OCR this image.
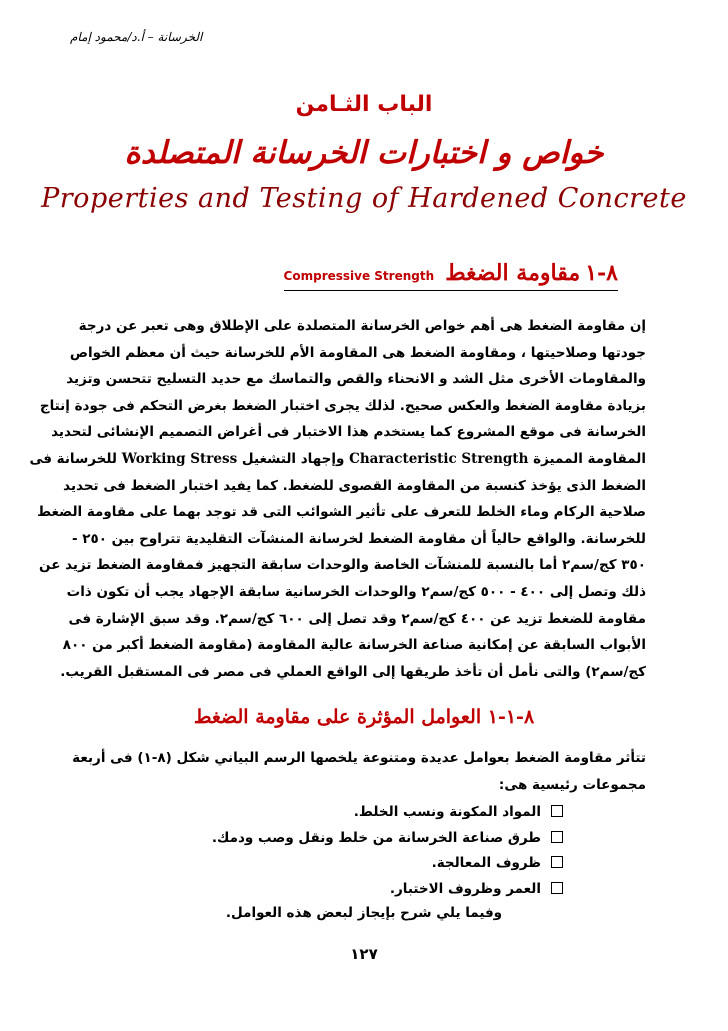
الخرسانة – أ.د/محمود إمام
الباب الثـامن
خواص و اختبارات الخرسانة المتصلدة
Properties and Testing of Hardened Concrete
٨-١ مقاومة الضغط Compressive Strength
إن مقاومة الضغط هى أهم خواص الخرسانة المتصلدة على الإطلاق وهى تعبر عن درجة
جودتها وصلاحيتها ، ومقاومة الضغط هى المقاومة الأم للخرسانة حيث أن معظم الخواص
والمقاومات الأخرى مثل الشد و الانحناء والقص والتماسك مع حديد التسليح تتحسن وتزيد
بزيادة مقاومة الضغط والعكس صحيح. لذلك يجرى اختبار الضغط بغرض التحكم فى جودة إنتاج
الخرسانة فى موقع المشروع كما يستخدم هذا الاختبار فى أغراض التصميم الإنشائى لتحديد
المقاومة المميزة Characteristic Strength وإجهاد التشغيل Working Stress للخرسانة فى
الضغط الذى يؤخذ كنسبة من المقاومة القصوى للضغط. كما يفيد اختبار الضغط فى تحديد
صلاحية الركام وماء الخلط للتعرف على تأثير الشوائب التى قد توجد بهما على مقاومة الضغط
للخرسانة. والواقع حالياً أن مقاومة الضغط لخرسانة المنشآت التقليدية تتراوح بين ٢٥٠ -
٣٥٠ كج/سم٢ أما بالنسبة للمنشآت الخاصة والوحدات سابقة التجهيز فمقاومة الضغط تزيد عن
ذلك وتصل إلى ٤٠٠ - ٥٠٠ كج/سم٢ والوحدات الخرسانية سابقة الإجهاد يجب أن تكون ذات
مقاومة للضغط تزيد عن ٤٠٠ كج/سم٢ وقد تصل إلى ٦٠٠ كج/سم٢. وقد سبق الإشارة فى
الأبواب السابقة عن إمكانية صناعة الخرسانة عالية المقاومة (مقاومة الضغط أكبر من ٨٠٠
كج/سم٢) والتى نأمل أن تأخذ طريقها إلى الواقع العملي فى مصر فى المستقبل القريب.
٨-١-١ العوامل المؤثرة على مقاومة الضغط
تتأثر مقاومة الضغط بعوامل عديدة ومتنوعة يلخصها الرسم البياني شكل (٨-١) فى أربعة
مجموعات رئيسية هى:
المواد المكونة ونسب الخلط.
طرق صناعة الخرسانة من خلط ونقل وصب ودمك.
ظروف المعالجة.
العمر وظروف الاختبار.
وفيما يلي شرح بإيجاز لبعض هذه العوامل.
١٢٧
